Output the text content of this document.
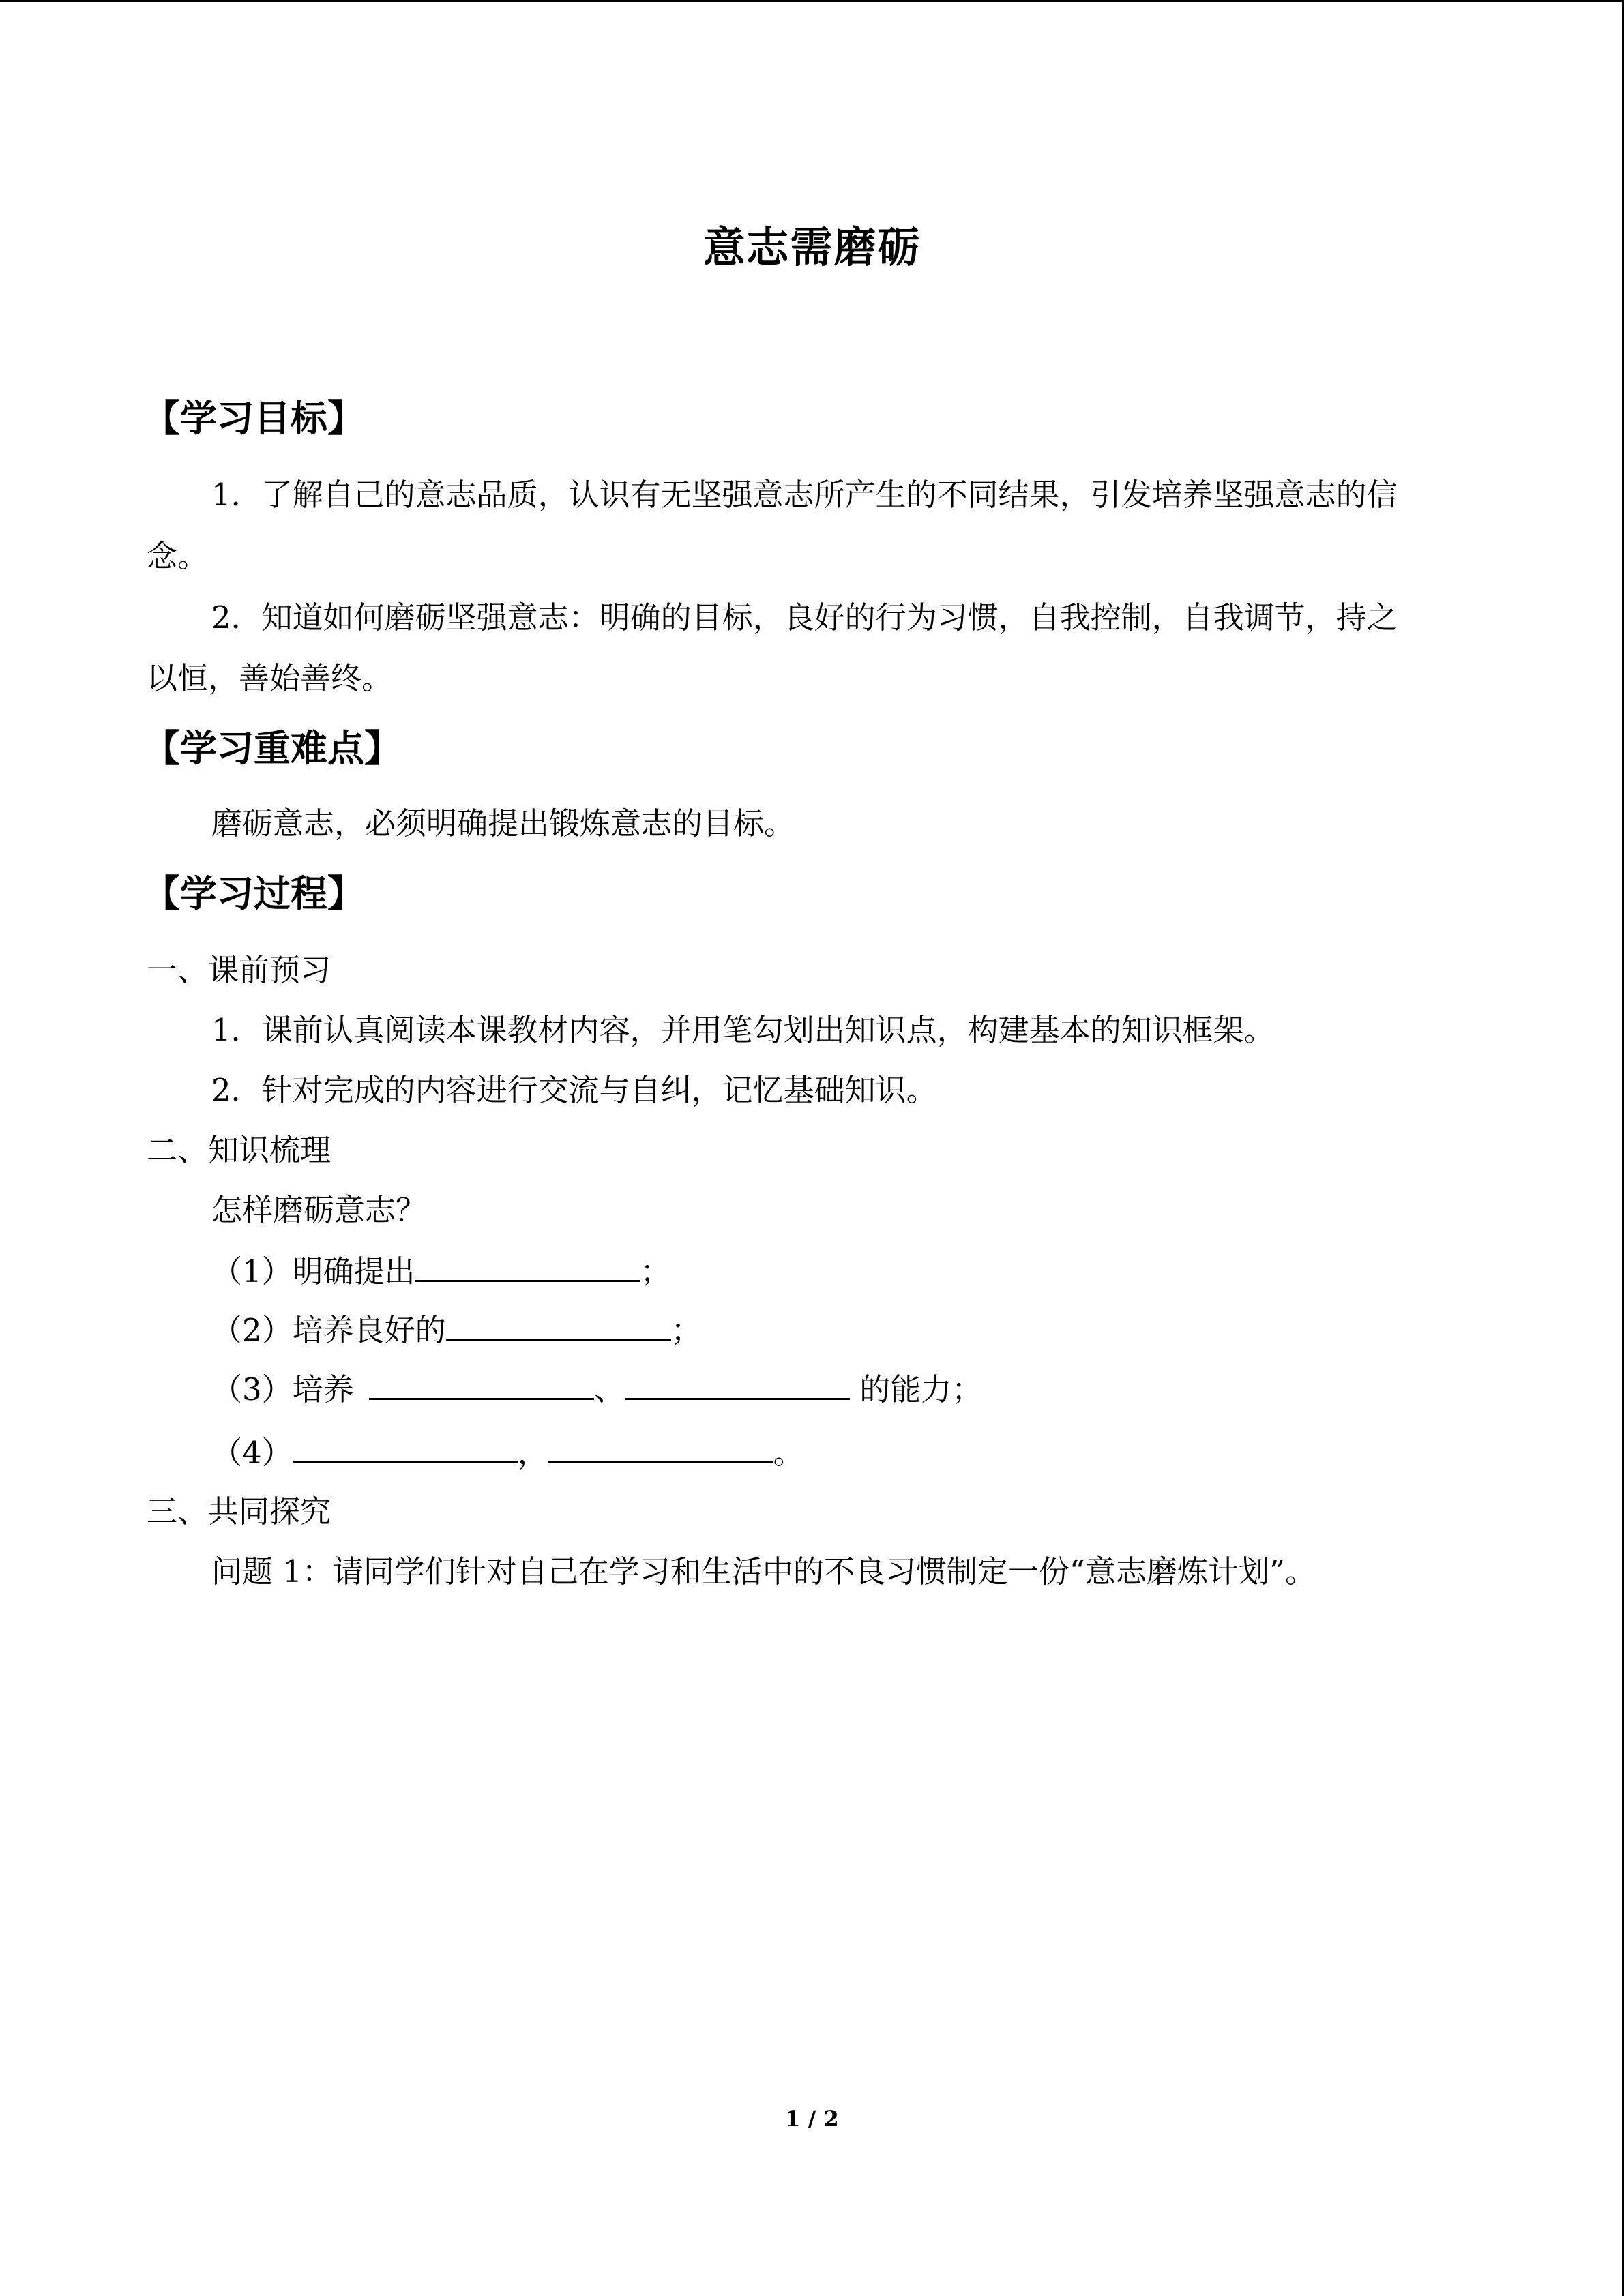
意志需磨砺
【学习目标】
1．了解自己的意志品质，认识有无坚强意志所产生的不同结果，引发培养坚强意志的信
念。
2．知道如何磨砺坚强意志：明确的目标，良好的行为习惯，自我控制，自我调节，持之
以恒，善始善终。
【学习重难点】
磨砺意志，必须明确提出锻炼意志的目标。
【学习过程】
一、课前预习
1．课前认真阅读本课教材内容，并用笔勾划出知识点，构建基本的知识框架。
2．针对完成的内容进行交流与自纠，记忆基础知识。
二、知识梳理
怎样磨砺意志？
（1）明确提出	；
（2）培养良好的	；
（3）培养	、	的能力；
（4）	，	。
三、共同探究
问题 1：请同学们针对自己在学习和生活中的不良习惯制定一份“意志磨炼计划”。
1 / 2
